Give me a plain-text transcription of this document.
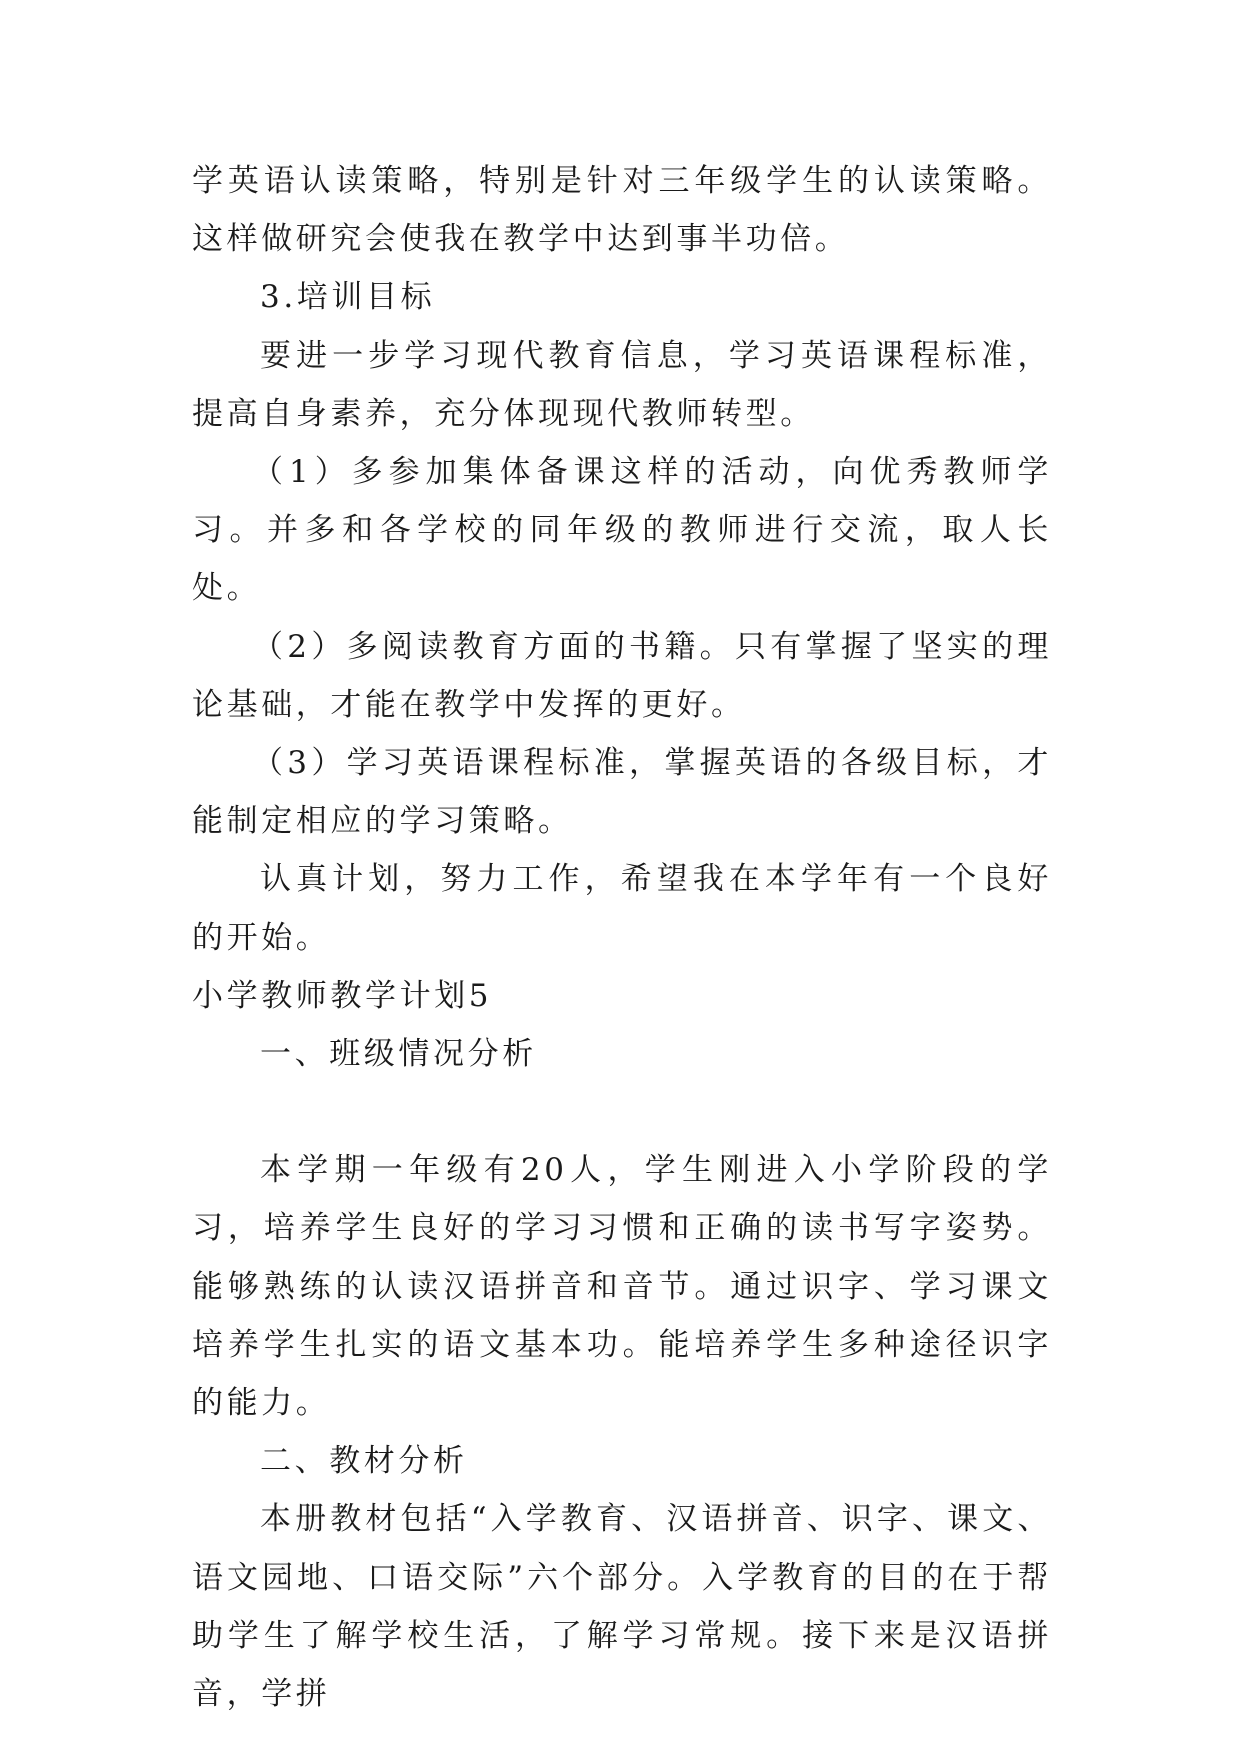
学英语认读策略，特别是针对三年级学生的认读策略。这样做研究会使我在教学中达到事半功倍。

3.培训目标

要进一步学习现代教育信息，学习英语课程标准，提高自身素养，充分体现现代教师转型。

（1）多参加集体备课这样的活动，向优秀教师学习。并多和各学校的同年级的教师进行交流，取人长处。

（2）多阅读教育方面的书籍。只有掌握了坚实的理论基础，才能在教学中发挥的更好。

（3）学习英语课程标准，掌握英语的各级目标，才能制定相应的学习策略。

认真计划，努力工作，希望我在本学年有一个良好的开始。

小学教师教学计划5

一、班级情况分析

本学期一年级有20人，学生刚进入小学阶段的学习，培养学生良好的学习习惯和正确的读书写字姿势。能够熟练的认读汉语拼音和音节。通过识字、学习课文培养学生扎实的语文基本功。能培养学生多种途径识字的能力。

二、教材分析

本册教材包括“入学教育、汉语拼音、识字、课文、语文园地、口语交际”六个部分。入学教育的目的在于帮助学生了解学校生活，了解学习常规。接下来是汉语拼音，学拼
